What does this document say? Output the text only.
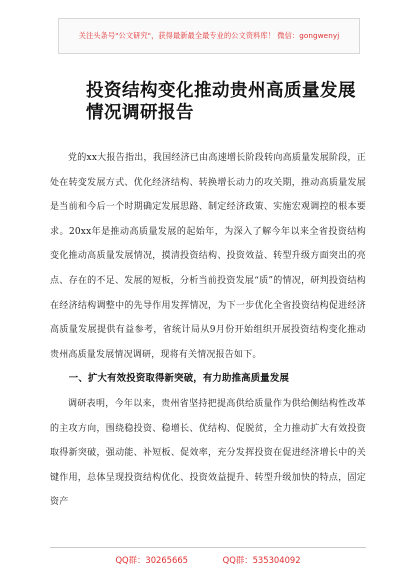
关注头条号"公文研究"，获得最新最全最专业的公文资料库！ 微信：gongwenyj
投资结构变化推动贵州高质量发展
情况调研报告

党的xx大报告指出，我国经济已由高速增长阶段转向高质量发展阶段，正处在转变发展方式、优化经济结构、转换增长动力的攻关期，推动高质量发展是当前和今后一个时期确定发展思路、制定经济政策、实施宏观调控的根本要求。20xx年是推动高质量发展的起始年，为深入了解今年以来全省投资结构变化推动高质量发展情况，摸清投资结构、投资效益、转型升级方面突出的亮点、存在的不足、发展的短板，分析当前投资发展“质”的情况，研判投资结构在经济结构调整中的先导作用发挥情况，为下一步优化全省投资结构促进经济高质量发展提供有益参考，省统计局从9月份开始组织开展投资结构变化推动贵州高质量发展情况调研，现将有关情况报告如下。

一、扩大有效投资取得新突破，有力助推高质量发展

调研表明，今年以来，贵州省坚持把提高供给质量作为供给侧结构性改革的主攻方向，围绕稳投资、稳增长、优结构、促脱贫，全力推动扩大有效投资取得新突破，强动能、补短板、促效率，充分发挥投资在促进经济增长中的关键作用，总体呈现投资结构优化、投资效益提升、转型升级加快的特点，固定资产

QQ群：30265665	QQ群：535304092
